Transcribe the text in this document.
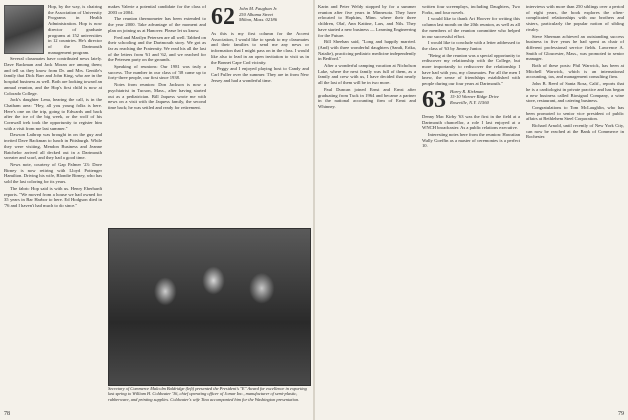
Hop, by the way, is chairing the Association of University Programs in Health Administration. Hop is now director of graduate programs at 152 universities in 12 countries. He's director of the Dartmouth management program.

Several classmates have contributed news lately. Dave Backman and Jack Moran are among them; and tell us they know from Dr. and Mrs. Gentile's family that Dick Barr and John King, who are in the hospital business as well. Both are looking toward an annual reunion, and the Hop's first child is now at Colorado College.

Jack's daughter Lena, hearing the call, is in the Chatham area: "Hey, all you young folks is here. Here's one on the trip, going to Edwards and back after the ice of the big week, or the wolf of his Cornwall trek took the opportunity to register him with a visit from me last summer."

Dawson Lathrop was brought in on the guy and invited Dave Backman to lunch in Pittsburgh. While they were visiting, Mendon Business and Jeanne Batchelor arrived all decked out in a Dartmouth sweater and scarf, and they had a good time.

News note, courtesy of Gap Palmer '23: Dave Birney is now retiring with Lloyd Pottenger Hamilton. Driving his wife, Blondie Birney, who has sold the last coloring for its years.

The fabric Hop said is with us. Henry Eberhardt reports. "We moved from a house we had owned for 35 years in Bar Harbor to here. Ed Hodgson died in '76 and I haven't had much to do since."

makes Valerie a potential candidate for the class of 2003 or 2004.

The reunion thermometer has been extended to the year 2000. Take advantage of the moment and plan on joining us at Hanover. Please let us know.

Fred and Marilyn Petersen are all well. Tabbed on their schooling and the Dartmouth story. We got as far as reaching the Fraternity. We read his all the last of the letters from '61 and '62, and we reached for the Petersen party on the grounds.

Speaking of reunions: Our 1981 was truly a success. The number in our class of '38 came up to forty-three people, our first since 1938.

Notes from reunion: Don Jackson is now a psychiatrist in Tucson, Mass., after having started out as a pediatrician. Bill Jaquess wrote me with news on a visit with the Jaquess family, the second time back; he was settled and ready for retirement.

62 John M. Faughan Jr.
250 Alhama Street
Milton, Mass. 02186

As this is my first column for the Accent Association, I would like to speak to my classmates and their families to send me any news or information that I might pass on in the class. I would like also to lead in an open invitation to visit us in the Bonnet Cape Cod vicinity.

Peggy and I enjoyed playing host to Candy and Carl Fuller over the summer. They are in from New Jersey and had a wonderful time.

Secretary of Commerce Malcolm Baldridge (left) presented the President's "E" Award for excellence in exporting last spring to William H. Coldwater '36, chief operating officer of Jomar Inc., manufacturer of semi-plastic, rubberware, and printing supplies. Coldwater's wife Tina accompanied him for the Washington presentation.

Karin and Peter Weldy stopped by for a summer reunion after five years in Minnesota. They have relocated to Hopkins, Minn. where their three children, Olaf, Ann Kattine, Lars, and Nils. They have started a new business — Learning Engineering for the Future.

Bill Sheehan said, "Long and happily married. (And) with three wonderful daughters (Sandi, Erika, Natalie), practicing pediatric medicine independently in Bedford."

After a wonderful camping vacation at Nicholson Lake, where the next family was full of them, as a family and crew with us, I have decided that nearly all the last of them will be in two more.

Paul Duncan joined Ernst and Ernst after graduating from Tuck in 1964 and became a partner in the national accounting firm of Ernst and Whinney.

written four screenplays, including Daughters, Two Forks, and four novels.

I would like to thank Art Hoover for writing this column last month on the 20th reunion, as well as all the members of the reunion committee who helped in our successful effort.

I would like to conclude with a letter addressed to the class of '63 by Jimmy Junior.

"Being at the reunion was a special opportunity to rediscover my relationship with the College, but more importantly to rediscover the relationship I have had with you, my classmates. For all the men I knew, the sense of friendships established with people during our four years at Dartmouth."

63 Harry R. Kirkman
15-10 Warner Ridge Drive
Roseville, N.Y. 11560

Denny Mac Kirby '63 was the first in the field at a Dartmouth chancellor, a role I last enjoyed at a WNCH broadcaster. As a public relations executive.

Interesting notes here from the reunion: Hawaiian Wally Goeffin as a master of ceremonies is a perfect 10.

interviews with more than 250 siblings over a period of eight years, the book explores the often-complicated relationships with our brothers and sisters, particularly the popular notion of sibling rivalry.

Steve Sherman achieved an outstanding success business in five years he had spent as chair of different professional service fields. Lawrence A. Smith of Gloucester, Mass., was promoted to senior manager.

Both of these posts: Phil Warwick, has been at Mitchell Warwick, which is an international accounting, tax, and management consulting firm.

John B. Reed of Santa Rosa, Calif., reports that he is a cardiologist in private practice and has begun a new business called Biosignal Company, a wine store, restaurant, and catering business.

Congratulations to Tom McLaughlin, who has been promoted to senior vice president of public affairs at Bethlehem Steel Corporation.

Richard Arnold, until recently of New York City, can now be reached at the Bank of Commerce in Rochester.

78	79
